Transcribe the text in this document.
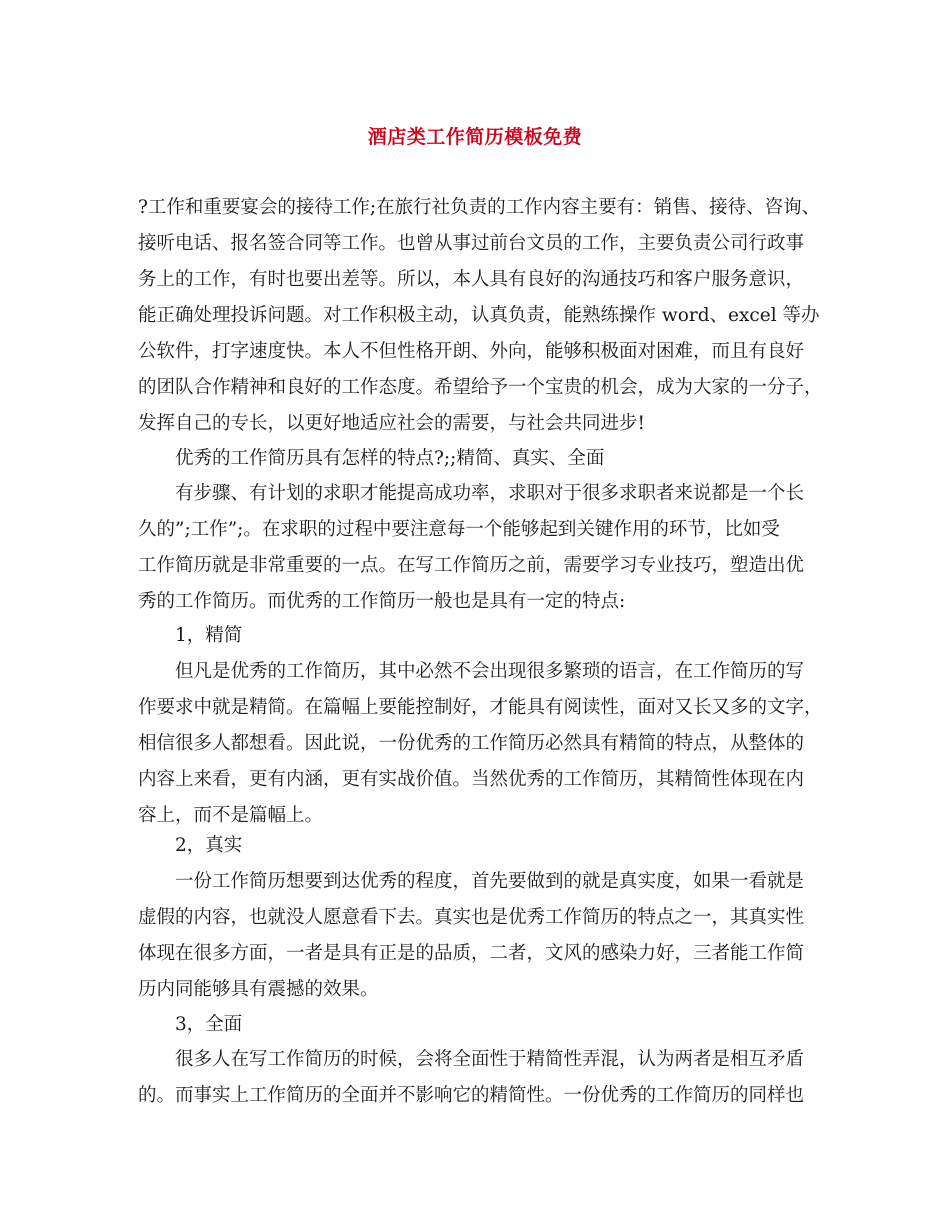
酒店类工作简历模板免费
?工作和重要宴会的接待工作;在旅行社负责的工作内容主要有：销售、接待、咨询、
接听电话、报名签合同等工作。也曾从事过前台文员的工作，主要负责公司行政事
务上的工作，有时也要出差等。所以，本人具有良好的沟通技巧和客户服务意识，
能正确处理投诉问题。对工作积极主动，认真负责，能熟练操作 word、excel 等办
公软件，打字速度快。本人不但性格开朗、外向，能够积极面对困难，而且有良好
的团队合作精神和良好的工作态度。希望给予一个宝贵的机会，成为大家的一分子，
发挥自己的专长，以更好地适应社会的需要，与社会共同进步!
优秀的工作简历具有怎样的特点?;;精简、真实、全面
有步骤、有计划的求职才能提高成功率，求职对于很多求职者来说都是一个长
久的”;工作”;。在求职的过程中要注意每一个能够起到关键作用的环节，比如受
工作简历就是非常重要的一点。在写工作简历之前，需要学习专业技巧，塑造出优
秀的工作简历。而优秀的工作简历一般也是具有一定的特点:
1，精简
但凡是优秀的工作简历，其中必然不会出现很多繁琐的语言，在工作简历的写
作要求中就是精简。在篇幅上要能控制好，才能具有阅读性，面对又长又多的文字，
相信很多人都想看。因此说，一份优秀的工作简历必然具有精简的特点，从整体的
内容上来看，更有内涵，更有实战价值。当然优秀的工作简历，其精简性体现在内
容上，而不是篇幅上。
2，真实
一份工作简历想要到达优秀的程度，首先要做到的就是真实度，如果一看就是
虚假的内容，也就没人愿意看下去。真实也是优秀工作简历的特点之一，其真实性
体现在很多方面，一者是具有正是的品质，二者，文风的感染力好，三者能工作简
历内同能够具有震撼的效果。
3，全面
很多人在写工作简历的时候，会将全面性于精简性弄混，认为两者是相互矛盾
的。而事实上工作简历的全面并不影响它的精简性。一份优秀的工作简历的同样也
